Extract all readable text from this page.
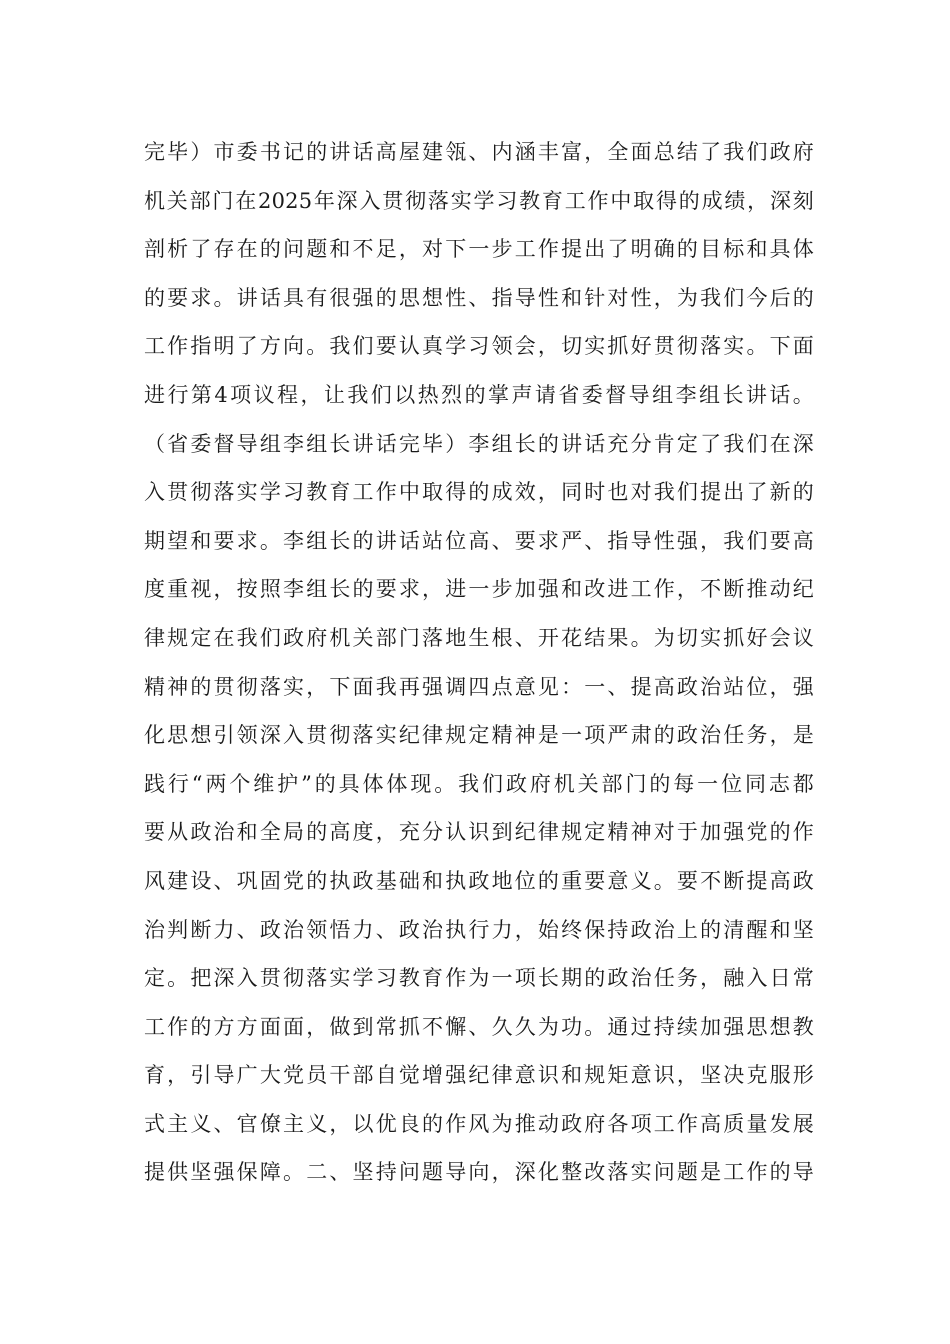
完毕）市委书记的讲话高屋建瓴、内涵丰富，全面总结了我们政府
机关部门在2025年深入贯彻落实学习教育工作中取得的成绩，深刻
剖析了存在的问题和不足，对下一步工作提出了明确的目标和具体
的要求。讲话具有很强的思想性、指导性和针对性，为我们今后的
工作指明了方向。我们要认真学习领会，切实抓好贯彻落实。下面
进行第4项议程，让我们以热烈的掌声请省委督导组李组长讲话。
（省委督导组李组长讲话完毕）李组长的讲话充分肯定了我们在深
入贯彻落实学习教育工作中取得的成效，同时也对我们提出了新的
期望和要求。李组长的讲话站位高、要求严、指导性强，我们要高
度重视，按照李组长的要求，进一步加强和改进工作，不断推动纪
律规定在我们政府机关部门落地生根、开花结果。为切实抓好会议
精神的贯彻落实，下面我再强调四点意见：一、提高政治站位，强
化思想引领深入贯彻落实纪律规定精神是一项严肃的政治任务，是
践行“两个维护”的具体体现。我们政府机关部门的每一位同志都
要从政治和全局的高度，充分认识到纪律规定精神对于加强党的作
风建设、巩固党的执政基础和执政地位的重要意义。要不断提高政
治判断力、政治领悟力、政治执行力，始终保持政治上的清醒和坚
定。把深入贯彻落实学习教育作为一项长期的政治任务，融入日常
工作的方方面面，做到常抓不懈、久久为功。通过持续加强思想教
育，引导广大党员干部自觉增强纪律意识和规矩意识，坚决克服形
式主义、官僚主义，以优良的作风为推动政府各项工作高质量发展
提供坚强保障。二、坚持问题导向，深化整改落实问题是工作的导
